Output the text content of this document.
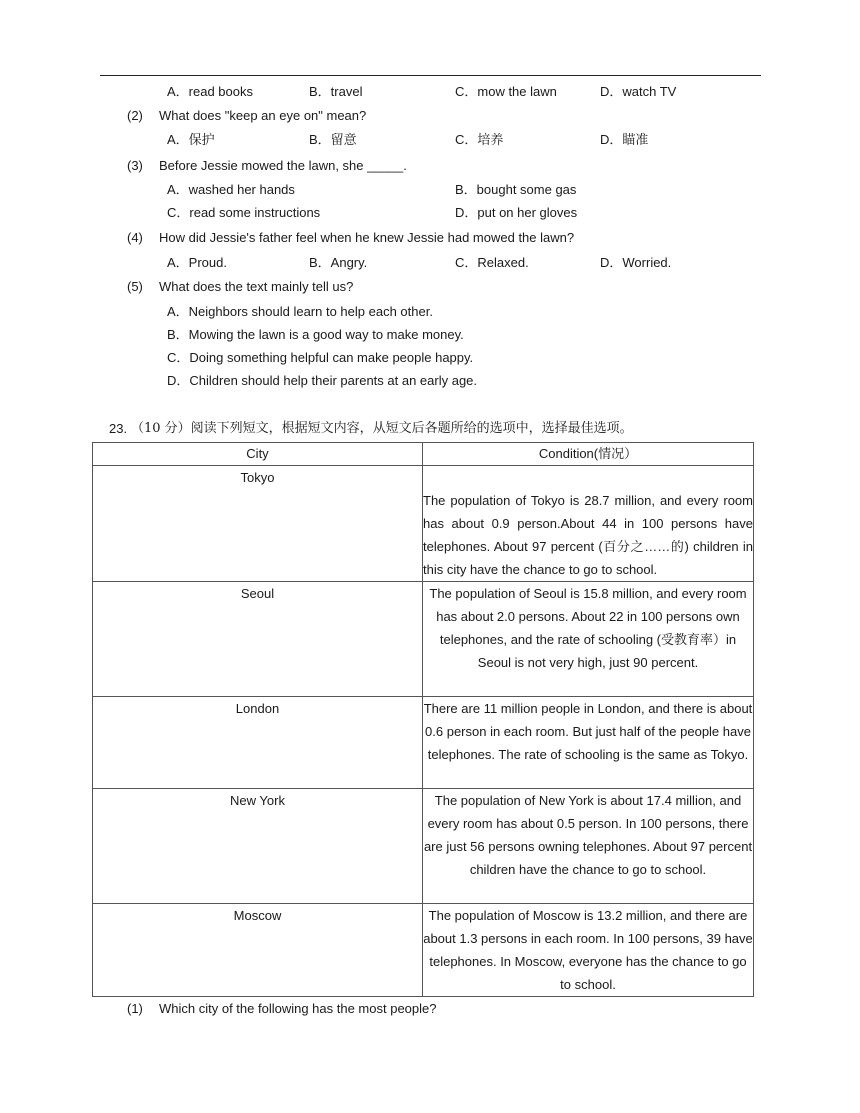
A．read books	B．travel	C．mow the lawn	D．watch TV
(2) What does "keep an eye on" mean?
A．保护	B．留意	C．培养	D．瞄准
(3) Before Jessie mowed the lawn, she _____.
A．washed her hands	B．bought some gas
C．read some instructions	D．put on her gloves
(4) How did Jessie's father feel when he knew Jessie had mowed the lawn?
A．Proud.	B．Angry.	C．Relaxed.	D．Worried.
(5) What does the text mainly tell us?
A．Neighbors should learn to help each other.
B．Mowing the lawn is a good way to make money.
C．Doing something helpful can make people happy.
D．Children should help their parents at an early age.
23. （10 分）阅读下列短文，根据短文内容，从短文后各题所给的选项中，选择最佳选项。
City	Condition(情况）
Tokyo	The population of Tokyo is 28.7 million, and every room has about 0.9 person.About 44 in 100 persons have telephones. About 97 percent (百分之……的) children in this city have the chance to go to school.
Seoul	The population of Seoul is 15.8 million, and every room has about 2.0 persons. About 22 in 100 persons own telephones, and the rate of schooling (受教育率）in Seoul is not very high, just 90 percent.
London	There are 11 million people in London, and there is about 0.6 person in each room. But just half of the people have telephones. The rate of schooling is the same as Tokyo.
New York	The population of New York is about 17.4 million, and every room has about 0.5 person. In 100 persons, there are just 56 persons owning telephones. About 97 percent children have the chance to go to school.
Moscow	The population of Moscow is 13.2 million, and there are about 1.3 persons in each room. In 100 persons, 39 have telephones. In Moscow, everyone has the chance to go to school.
(1) Which city of the following has the most people?
